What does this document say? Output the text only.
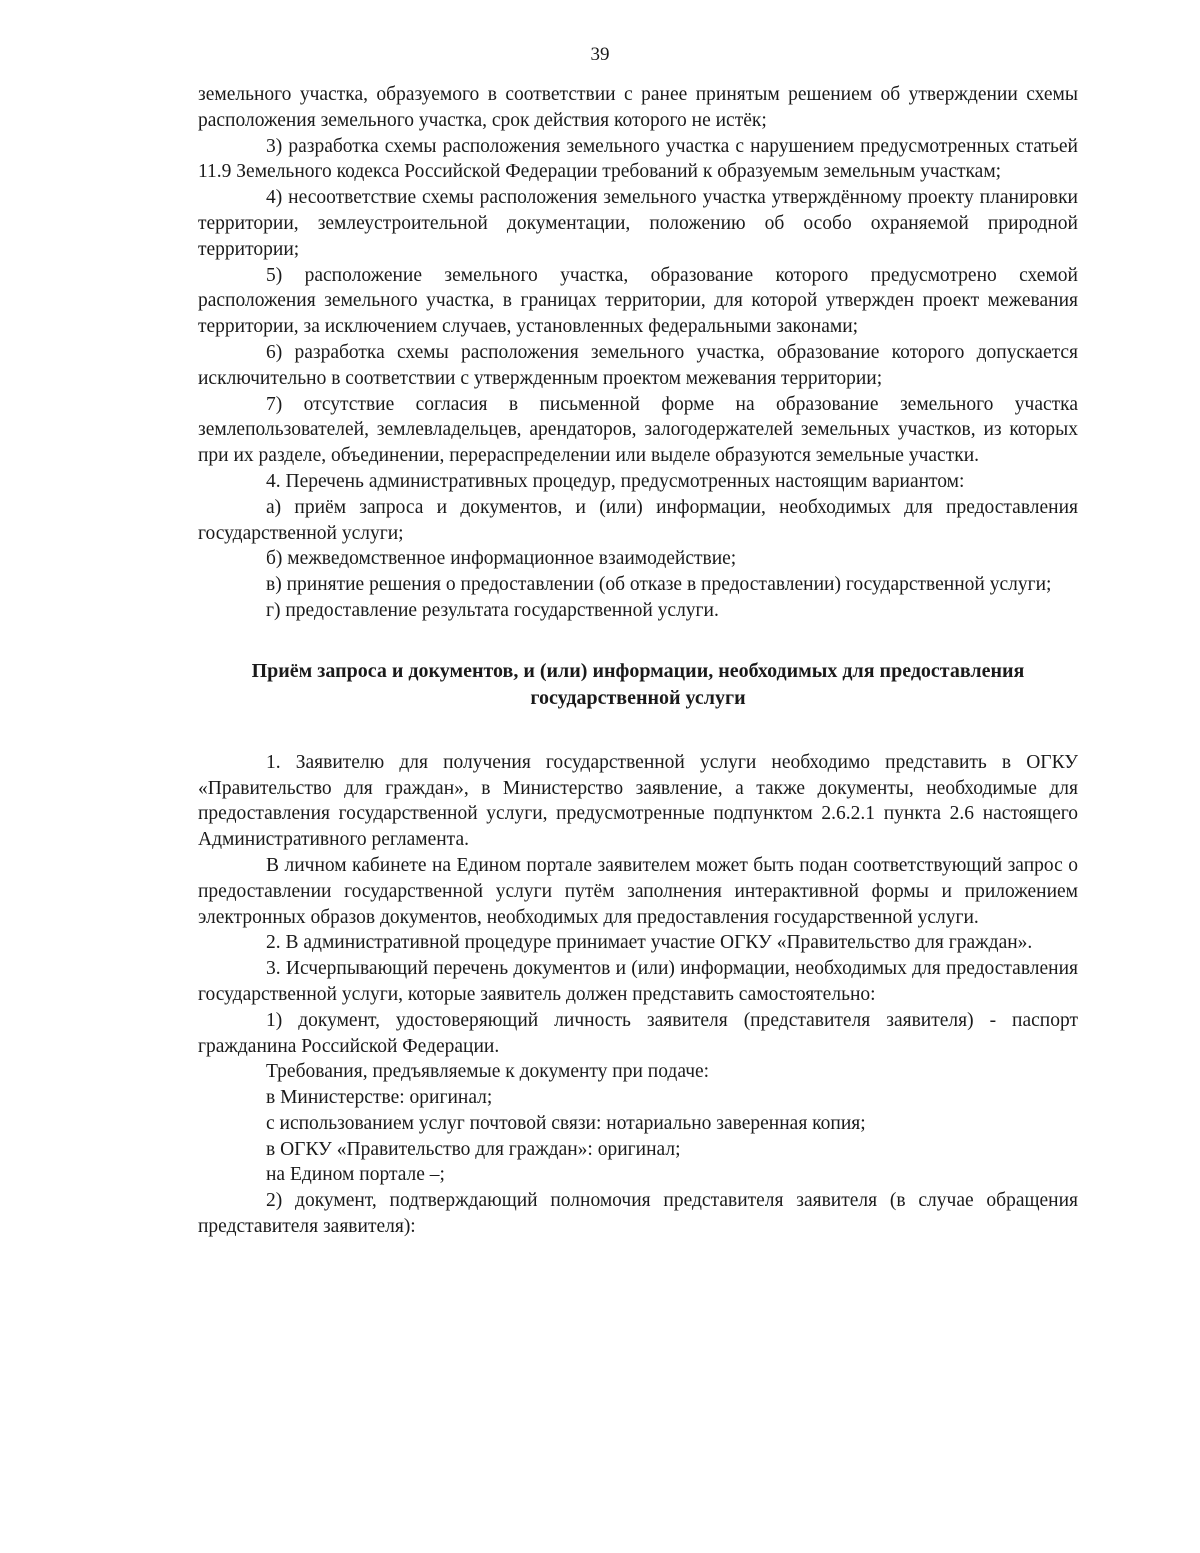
39

земельного участка, образуемого в соответствии с ранее принятым решением об утверждении схемы расположения земельного участка, срок действия которого не истёк;

3) разработка схемы расположения земельного участка с нарушением предусмотренных статьей 11.9 Земельного кодекса Российской Федерации требований к образуемым земельным участкам;

4) несоответствие схемы расположения земельного участка утверждённому проекту планировки территории, землеустроительной документации, положению об особо охраняемой природной территории;

5) расположение земельного участка, образование которого предусмотрено схемой расположения земельного участка, в границах территории, для которой утвержден проект межевания территории, за исключением случаев, установленных федеральными законами;

6) разработка схемы расположения земельного участка, образование которого допускается исключительно в соответствии с утвержденным проектом межевания территории;

7) отсутствие согласия в письменной форме на образование земельного участка землепользователей, землевладельцев, арендаторов, залогодержателей земельных участков, из которых при их разделе, объединении, перераспределении или выделе образуются земельные участки.

4. Перечень административных процедур, предусмотренных настоящим вариантом:

а) приём запроса и документов, и (или) информации, необходимых для предоставления государственной услуги;

б) межведомственное информационное взаимодействие;

в) принятие решения о предоставлении (об отказе в предоставлении) государственной услуги;

г) предоставление результата государственной услуги.

Приём запроса и документов, и (или) информации, необходимых для предоставления государственной услуги

1. Заявителю для получения государственной услуги необходимо представить в ОГКУ «Правительство для граждан», в Министерство заявление, а также документы, необходимые для предоставления государственной услуги, предусмотренные подпунктом 2.6.2.1 пункта 2.6 настоящего Административного регламента.

В личном кабинете на Едином портале заявителем может быть подан соответствующий запрос о предоставлении государственной услуги путём заполнения интерактивной формы и приложением электронных образов документов, необходимых для предоставления государственной услуги.

2. В административной процедуре принимает участие ОГКУ «Правительство для граждан».

3. Исчерпывающий перечень документов и (или) информации, необходимых для предоставления государственной услуги, которые заявитель должен представить самостоятельно:

1) документ, удостоверяющий личность заявителя (представителя заявителя) - паспорт гражданина Российской Федерации.

Требования, предъявляемые к документу при подаче:

в Министерстве: оригинал;

с использованием услуг почтовой связи: нотариально заверенная копия;

в ОГКУ «Правительство для граждан»: оригинал;

на Едином портале –;

2) документ, подтверждающий полномочия представителя заявителя (в случае обращения представителя заявителя):
